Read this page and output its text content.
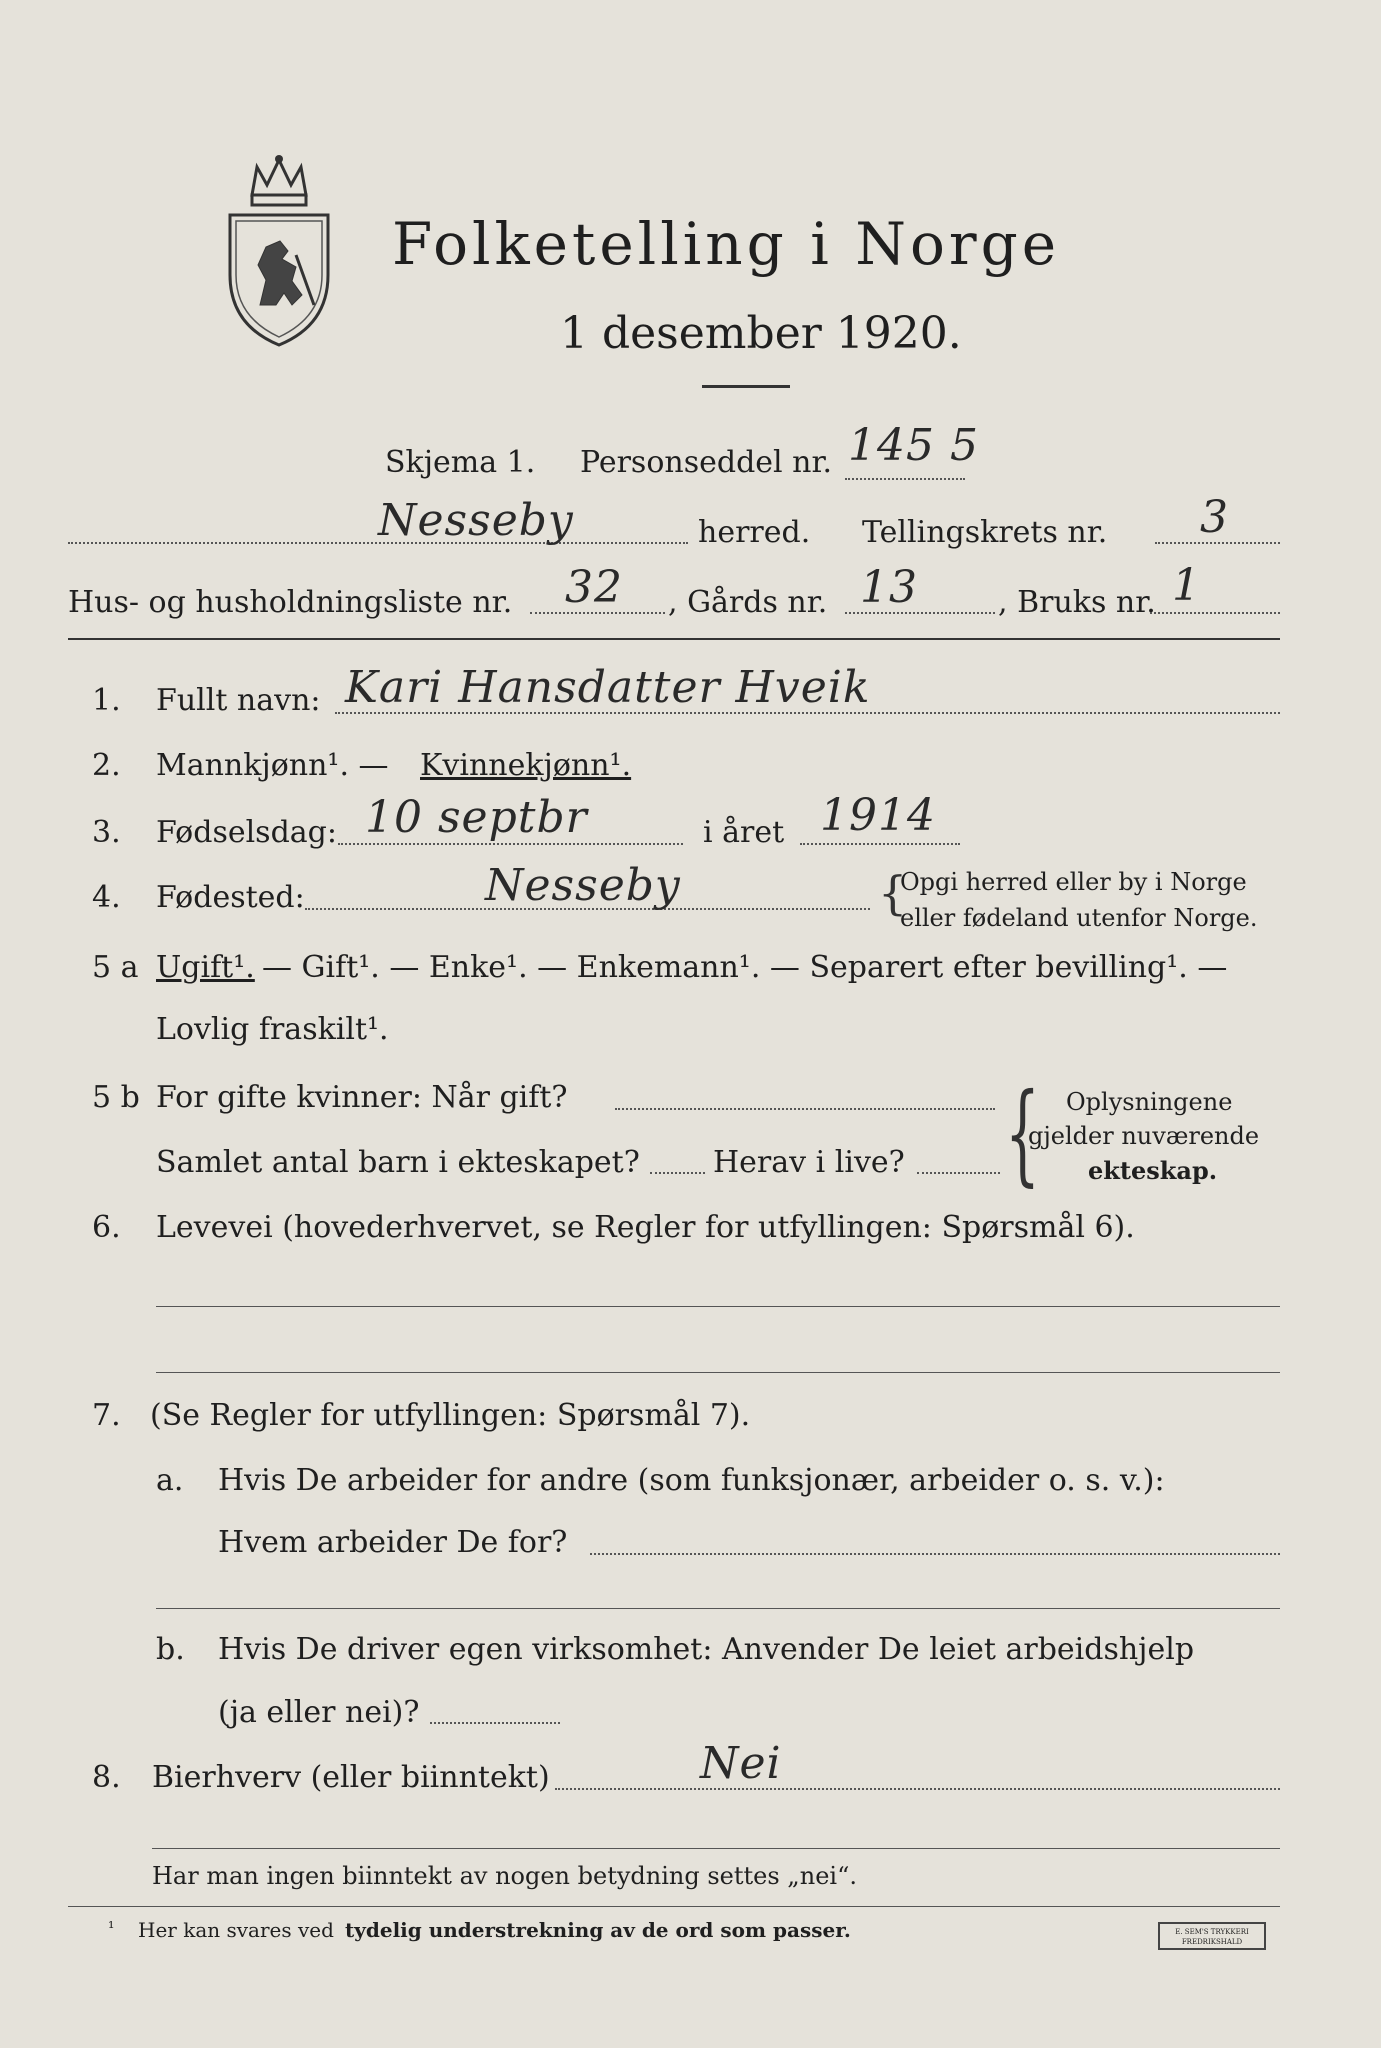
Folketelling i Norge
1 desember 1920.
Skjema 1. Personseddel nr. 145 5
Nesseby	herred. Tellingskrets nr. 3
Hus- og husholdningsliste nr. 32 , Gårds nr. 13	, Bruks nr. 1
1. Fullt navn: Kari Hansdatter Hveik
2. Mannkjønn¹. — Kvinnekjønn¹.
3. Fødselsdag: 10 septbr	i året 1914
4. Fødested:	Nesseby	{
Opgi herred eller by i Norge
eller fødeland utenfor Norge.
5 a Ugift¹. — Gift¹. — Enke¹. — Enkemann¹. — Separert efter bevilling¹. —
Lovlig fraskilt¹.
5 b For gifte kvinner: Når gift?
Samlet antal barn i ekteskapet? Herav i live? { Oplysningene
gjelder nuværende
ekteskap.
6. Levevei (hovederhvervet, se Regler for utfyllingen: Spørsmål 6).
7. (Se Regler for utfyllingen: Spørsmål 7).
a. Hvis De arbeider for andre (som funksjonær, arbeider o. s. v.):
Hvem arbeider De for?
b. Hvis De driver egen virksomhet: Anvender De leiet arbeidshjelp
(ja eller nei)?
8. Bierhverv (eller biinntekt)	Nei
Har man ingen biinntekt av nogen betydning settes „nei“.
¹ Her kan svares ved tydelig understrekning av de ord som passer.	E. SEM'S TRYKKERI FREDRIKSHALD
